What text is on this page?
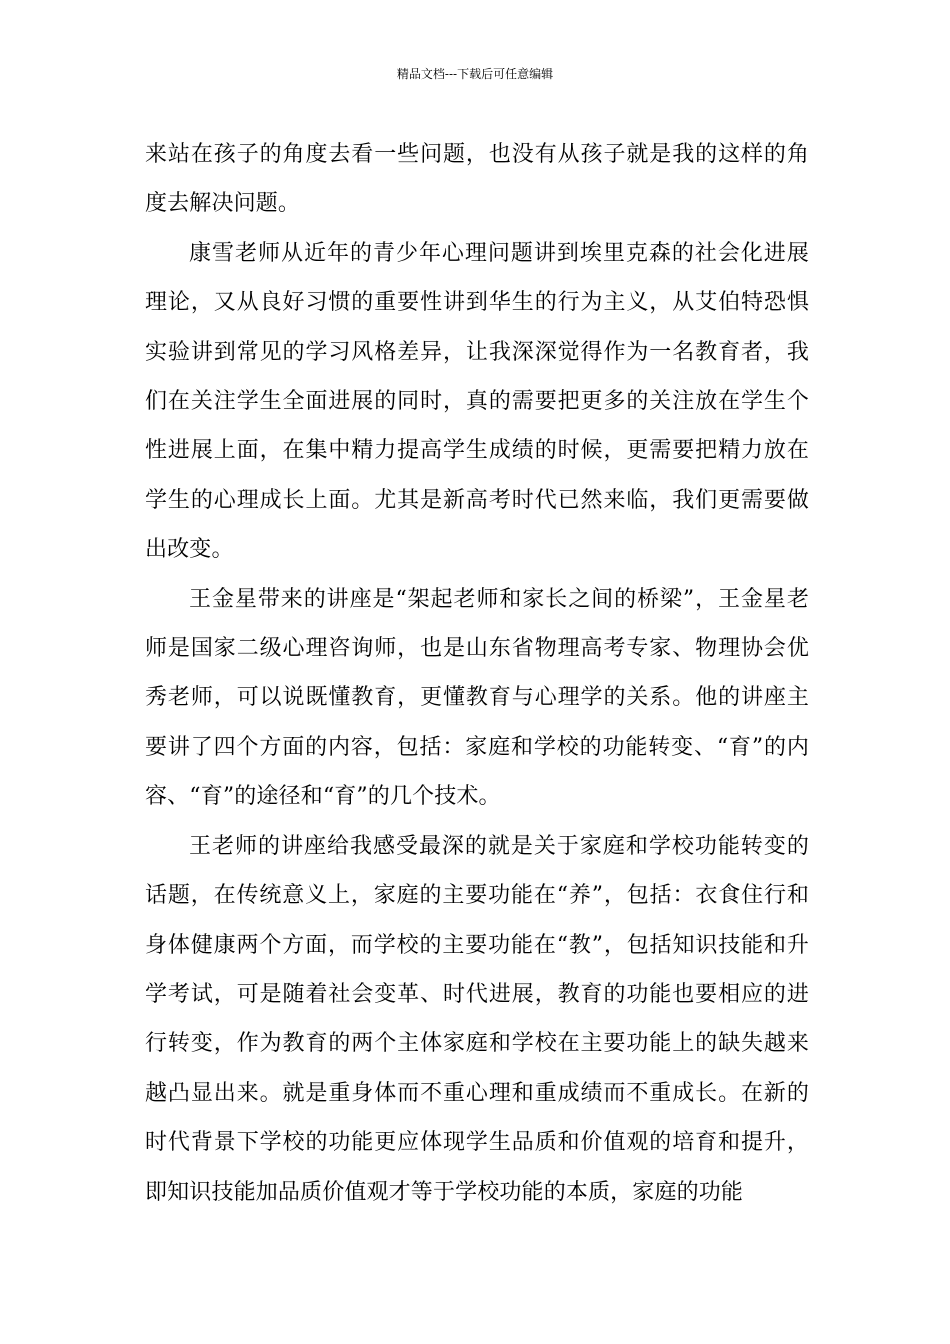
精品文档---下载后可任意编辑

来站在孩子的角度去看一些问题，也没有从孩子就是我的这样的角度去解决问题。

康雪老师从近年的青少年心理问题讲到埃里克森的社会化进展理论，又从良好习惯的重要性讲到华生的行为主义，从艾伯特恐惧实验讲到常见的学习风格差异，让我深深觉得作为一名教育者，我们在关注学生全面进展的同时，真的需要把更多的关注放在学生个性进展上面，在集中精力提高学生成绩的时候，更需要把精力放在学生的心理成长上面。尤其是新高考时代已然来临，我们更需要做出改变。

王金星带来的讲座是“架起老师和家长之间的桥梁”，王金星老师是国家二级心理咨询师，也是山东省物理高考专家、物理协会优秀老师，可以说既懂教育，更懂教育与心理学的关系。他的讲座主要讲了四个方面的内容，包括：家庭和学校的功能转变、“育”的内容、“育”的途径和“育”的几个技术。

王老师的讲座给我感受最深的就是关于家庭和学校功能转变的话题，在传统意义上，家庭的主要功能在“养”，包括：衣食住行和身体健康两个方面，而学校的主要功能在“教”，包括知识技能和升学考试，可是随着社会变革、时代进展，教育的功能也要相应的进行转变，作为教育的两个主体家庭和学校在主要功能上的缺失越来越凸显出来。就是重身体而不重心理和重成绩而不重成长。在新的时代背景下学校的功能更应体现学生品质和价值观的培育和提升，即知识技能加品质价值观才等于学校功能的本质，家庭的功能
